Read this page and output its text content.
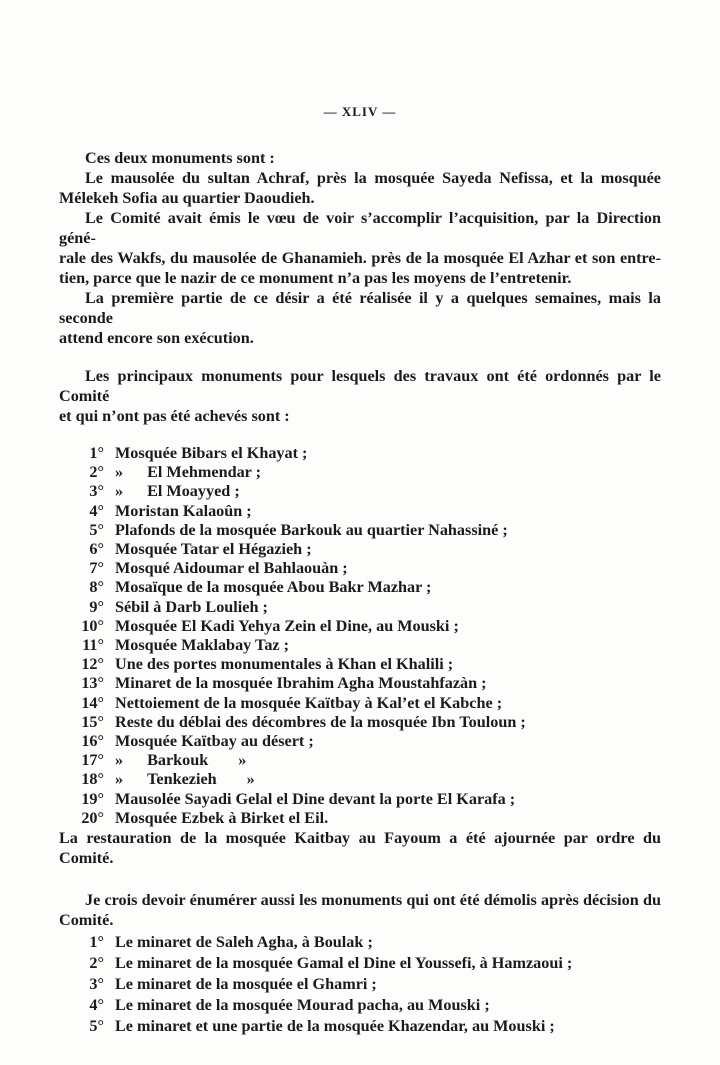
— XLIV —
Ces deux monuments sont :
Le mausolée du sultan Achraf, près la mosquée Sayeda Nefissa, et la mosquée
Mélekeh Sofia au quartier Daoudieh.
Le Comité avait émis le vœu de voir s’accomplir l’acquisition, par la Direction géné-
rale des Wakfs, du mausolée de Ghanamieh. près de la mosquée El Azhar et son entre-
tien, parce que le nazir de ce monument n’a pas les moyens de l’entretenir.
La première partie de ce désir a été réalisée il y a quelques semaines, mais la seconde
attend encore son exécution.
Les principaux monuments pour lesquels des travaux ont été ordonnés par le Comité
et qui n’ont pas été achevés sont :
1° Mosquée Bibars el Khayat ;
2° » El Mehmendar ;
3° » El Moayyed ;
4° Moristan Kalaoûn ;
5° Plafonds de la mosquée Barkouk au quartier Nahassiné ;
6° Mosquée Tatar el Hégazieh ;
7° Mosqué Aidoumar el Bahlaouàn ;
8° Mosaïque de la mosquée Abou Bakr Mazhar ;
9° Sébil à Darb Loulieh ;
10° Mosquée El Kadi Yehya Zein el Dine, au Mouski ;
11° Mosquée Maklabay Taz ;
12° Une des portes monumentales à Khan el Khalili ;
13° Minaret de la mosquée Ibrahim Agha Moustahfazàn ;
14° Nettoiement de la mosquée Kaïtbay à Kal’et el Kabche ;
15° Reste du déblai des décombres de la mosquée Ibn Touloun ;
16° Mosquée Kaïtbay au désert ;
17° » Barkouk »
18° » Tenkezieh »
19° Mausolée Sayadi Gelal el Dine devant la porte El Karafa ;
20° Mosquée Ezbek à Birket el Eil.
La restauration de la mosquée Kaitbay au Fayoum a été ajournée par ordre du Comité.
Je crois devoir énumérer aussi les monuments qui ont été démolis après décision du
Comité.
1° Le minaret de Saleh Agha, à Boulak ;
2° Le minaret de la mosquée Gamal el Dine el Youssefi, à Hamzaoui ;
3° Le minaret de la mosquée el Ghamri ;
4° Le minaret de la mosquée Mourad pacha, au Mouski ;
5° Le minaret et une partie de la mosquée Khazendar, au Mouski ;
